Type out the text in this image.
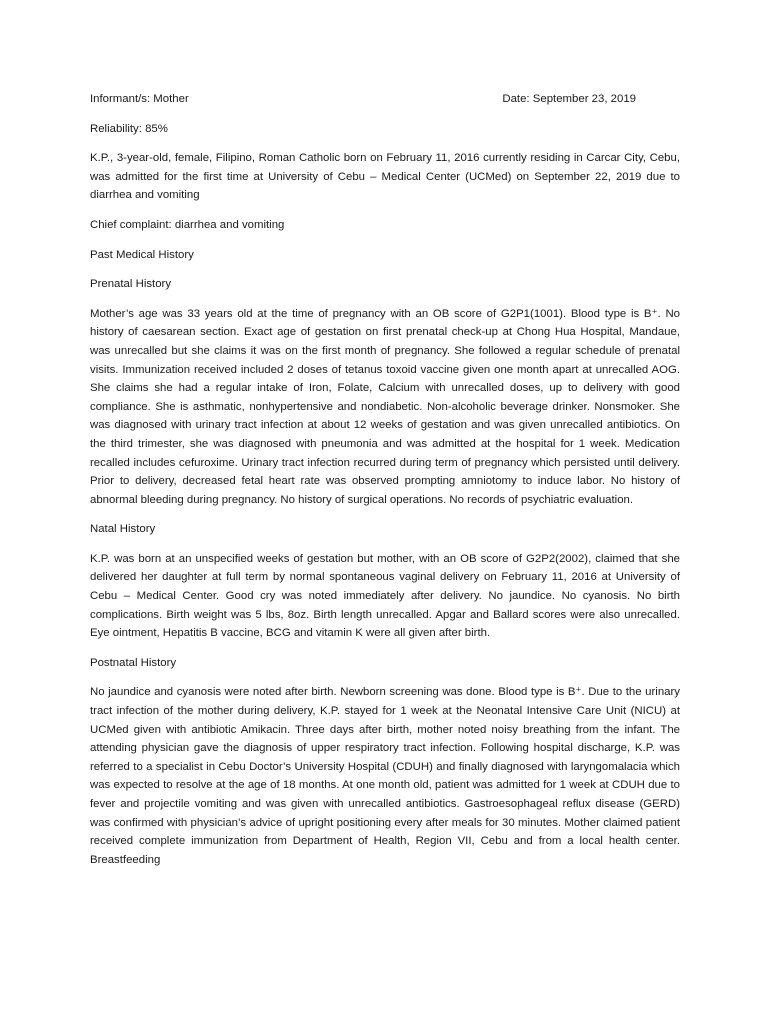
Informant/s: Mother	Date: September 23, 2019

Reliability: 85%

K.P., 3-year-old, female, Filipino, Roman Catholic born on February 11, 2016 currently residing in Carcar City, Cebu, was admitted for the first time at University of Cebu – Medical Center (UCMed) on September 22, 2019 due to diarrhea and vomiting

Chief complaint: diarrhea and vomiting

Past Medical History

Prenatal History

Mother’s age was 33 years old at the time of pregnancy with an OB score of G2P1(1001). Blood type is B⁺. No history of caesarean section. Exact age of gestation on first prenatal check-up at Chong Hua Hospital, Mandaue, was unrecalled but she claims it was on the first month of pregnancy. She followed a regular schedule of prenatal visits. Immunization received included 2 doses of tetanus toxoid vaccine given one month apart at unrecalled AOG. She claims she had a regular intake of Iron, Folate, Calcium with unrecalled doses, up to delivery with good compliance. She is asthmatic, nonhypertensive and nondiabetic. Non-alcoholic beverage drinker. Nonsmoker. She was diagnosed with urinary tract infection at about 12 weeks of gestation and was given unrecalled antibiotics. On the third trimester, she was diagnosed with pneumonia and was admitted at the hospital for 1 week. Medication recalled includes cefuroxime. Urinary tract infection recurred during term of pregnancy which persisted until delivery. Prior to delivery, decreased fetal heart rate was observed prompting amniotomy to induce labor. No history of abnormal bleeding during pregnancy. No history of surgical operations. No records of psychiatric evaluation.

Natal History

K.P. was born at an unspecified weeks of gestation but mother, with an OB score of G2P2(2002), claimed that she delivered her daughter at full term by normal spontaneous vaginal delivery on February 11, 2016 at University of Cebu – Medical Center. Good cry was noted immediately after delivery. No jaundice. No cyanosis. No birth complications. Birth weight was 5 lbs, 8oz. Birth length unrecalled. Apgar and Ballard scores were also unrecalled. Eye ointment, Hepatitis B vaccine, BCG and vitamin K were all given after birth.

Postnatal History

No jaundice and cyanosis were noted after birth. Newborn screening was done. Blood type is B⁺. Due to the urinary tract infection of the mother during delivery, K.P. stayed for 1 week at the Neonatal Intensive Care Unit (NICU) at UCMed given with antibiotic Amikacin. Three days after birth, mother noted noisy breathing from the infant. The attending physician gave the diagnosis of upper respiratory tract infection. Following hospital discharge, K.P. was referred to a specialist in Cebu Doctor’s University Hospital (CDUH) and finally diagnosed with laryngomalacia which was expected to resolve at the age of 18 months. At one month old, patient was admitted for 1 week at CDUH due to fever and projectile vomiting and was given with unrecalled antibiotics. Gastroesophageal reflux disease (GERD) was confirmed with physician’s advice of upright positioning every after meals for 30 minutes. Mother claimed patient received complete immunization from Department of Health, Region VII, Cebu and from a local health center. Breastfeeding
